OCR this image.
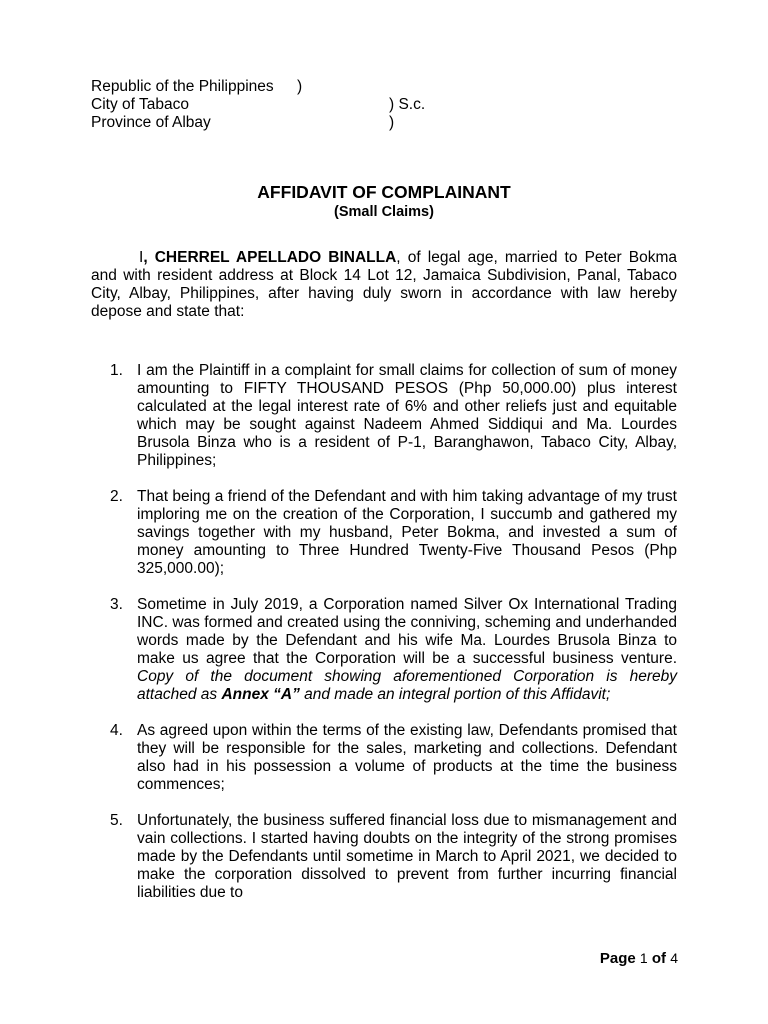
Republic of the Philippines )
City of Tabaco	) S.c.
Province of Albay	)
AFFIDAVIT OF COMPLAINANT
(Small Claims)

I, CHERREL APELLADO BINALLA, of legal age, married to Peter Bokma and with resident address at Block 14 Lot 12, Jamaica Subdivision, Panal, Tabaco City, Albay, Philippines, after having duly sworn in accordance with law hereby depose and state that:

1. I am the Plaintiff in a complaint for small claims for collection of sum of money amounting to FIFTY THOUSAND PESOS (Php 50,000.00) plus interest calculated at the legal interest rate of 6% and other reliefs just and equitable which may be sought against Nadeem Ahmed Siddiqui and Ma. Lourdes Brusola Binza who is a resident of P-1, Baranghawon, Tabaco City, Albay, Philippines;
2. That being a friend of the Defendant and with him taking advantage of my trust imploring me on the creation of the Corporation, I succumb and gathered my savings together with my husband, Peter Bokma, and invested a sum of money amounting to Three Hundred Twenty-Five Thousand Pesos (Php 325,000.00);
3. Sometime in July 2019, a Corporation named Silver Ox International Trading INC. was formed and created using the conniving, scheming and underhanded words made by the Defendant and his wife Ma. Lourdes Brusola Binza to make us agree that the Corporation will be a successful business venture. Copy of the document showing aforementioned Corporation is hereby attached as Annex “A” and made an integral portion of this Affidavit;
4. As agreed upon within the terms of the existing law, Defendants promised that they will be responsible for the sales, marketing and collections. Defendant also had in his possession a volume of products at the time the business commences;
5. Unfortunately, the business suffered financial loss due to mismanagement and vain collections. I started having doubts on the integrity of the strong promises made by the Defendants until sometime in March to April 2021, we decided to make the corporation dissolved to prevent from further incurring financial liabilities due to
Page 1 of 4
